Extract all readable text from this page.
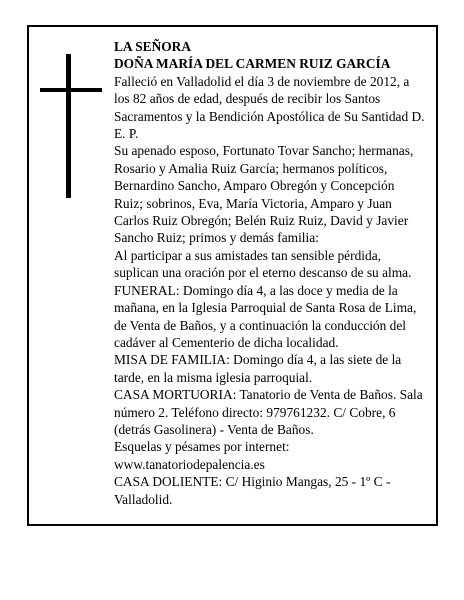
LA SEÑORA

DOÑA MARÍA DEL CARMEN RUIZ GARCÍA

Falleció en Valladolid el día 3 de noviembre de 2012, a los 82 años de edad, después de recibir los Santos Sacramentos y la Bendición Apostólica de Su Santidad D. E. P.

Su apenado esposo, Fortunato Tovar Sancho; hermanas, Rosario y Amalia Ruiz García; hermanos políticos, Bernardino Sancho, Amparo Obregón y Concepción Ruiz; sobrinos, Eva, María Victoria, Amparo y Juan Carlos Ruiz Obregón; Belén Ruiz Ruiz, David y Javier Sancho Ruiz; primos y demás familia:

Al participar a sus amistades tan sensible pérdida, suplican una oración por el eterno descanso de su alma.

FUNERAL: Domingo día 4, a las doce y media de la mañana, en la Iglesia Parroquial de Santa Rosa de Lima, de Venta de Baños, y a continuación la conducción del cadáver al Cementerio de dicha localidad.

MISA DE FAMILIA: Domingo día 4, a las siete de la tarde, en la misma iglesia parroquial.

CASA MORTUORIA: Tanatorio de Venta de Baños. Sala número 2. Teléfono directo: 979761232. C/ Cobre, 6 (detrás Gasolinera) - Venta de Baños.

Esquelas y pésames por internet: www.tanatoriodepalencia.es

CASA DOLIENTE: C/ Higinio Mangas, 25 - 1º C - Valladolid.
